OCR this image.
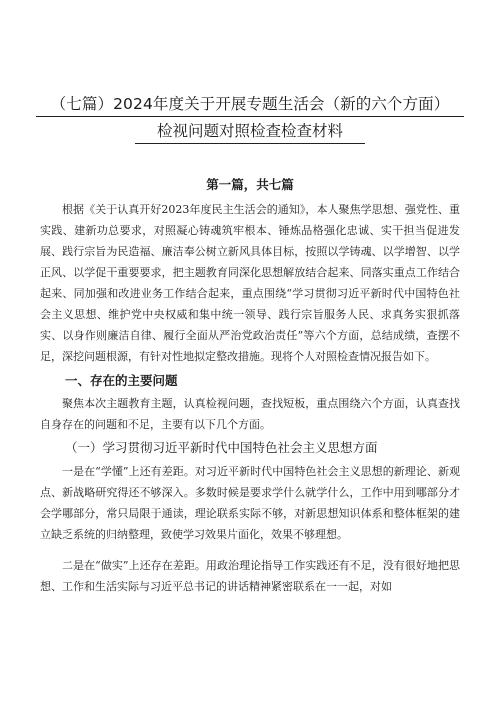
（七篇）2024年度关于开展专题生活会（新的六个方面）
检视问题对照检查检查材料
第一篇，共七篇

根据《关于认真开好2023年度民主生活会的通知》，本人聚焦学思想、强党性、重实践、建新功总要求，对照凝心铸魂筑牢根本、锤炼品格强化忠诚、实干担当促进发展、践行宗旨为民造福、廉洁奉公树立新风具体目标，按照以学铸魂、以学增智、以学正风、以学促干重要要求，把主题教育同深化思想解放结合起来、同落实重点工作结合起来、同加强和改进业务工作结合起来，重点围绕“学习贯彻习近平新时代中国特色社会主义思想、维护党中央权威和集中统一领导、践行宗旨服务人民、求真务实狠抓落实、以身作则廉洁自律、履行全面从严治党政治责任”等六个方面，总结成绩，查摆不足，深挖问题根源，有针对性地拟定整改措施。现将个人对照检查情况报告如下。

一、存在的主要问题

聚焦本次主题教育主题，认真检视问题，查找短板，重点围绕六个方面，认真查找自身存在的问题和不足，主要有以下几个方面。

（一）学习贯彻习近平新时代中国特色社会主义思想方面

一是在“学懂”上还有差距。对习近平新时代中国特色社会主义思想的新理论、新观点、新战略研究得还不够深入。多数时候是要求学什么就学什么，工作中用到哪部分才会学哪部分，常只局限于通读，理论联系实际不够，对新思想知识体系和整体框架的建立缺乏系统的归纳整理，致使学习效果片面化，效果不够理想。

二是在“做实”上还存在差距。用政治理论指导工作实践还有不足，没有很好地把思想、工作和生活实际与习近平总书记的讲话精神紧密联系在一一起，对如
